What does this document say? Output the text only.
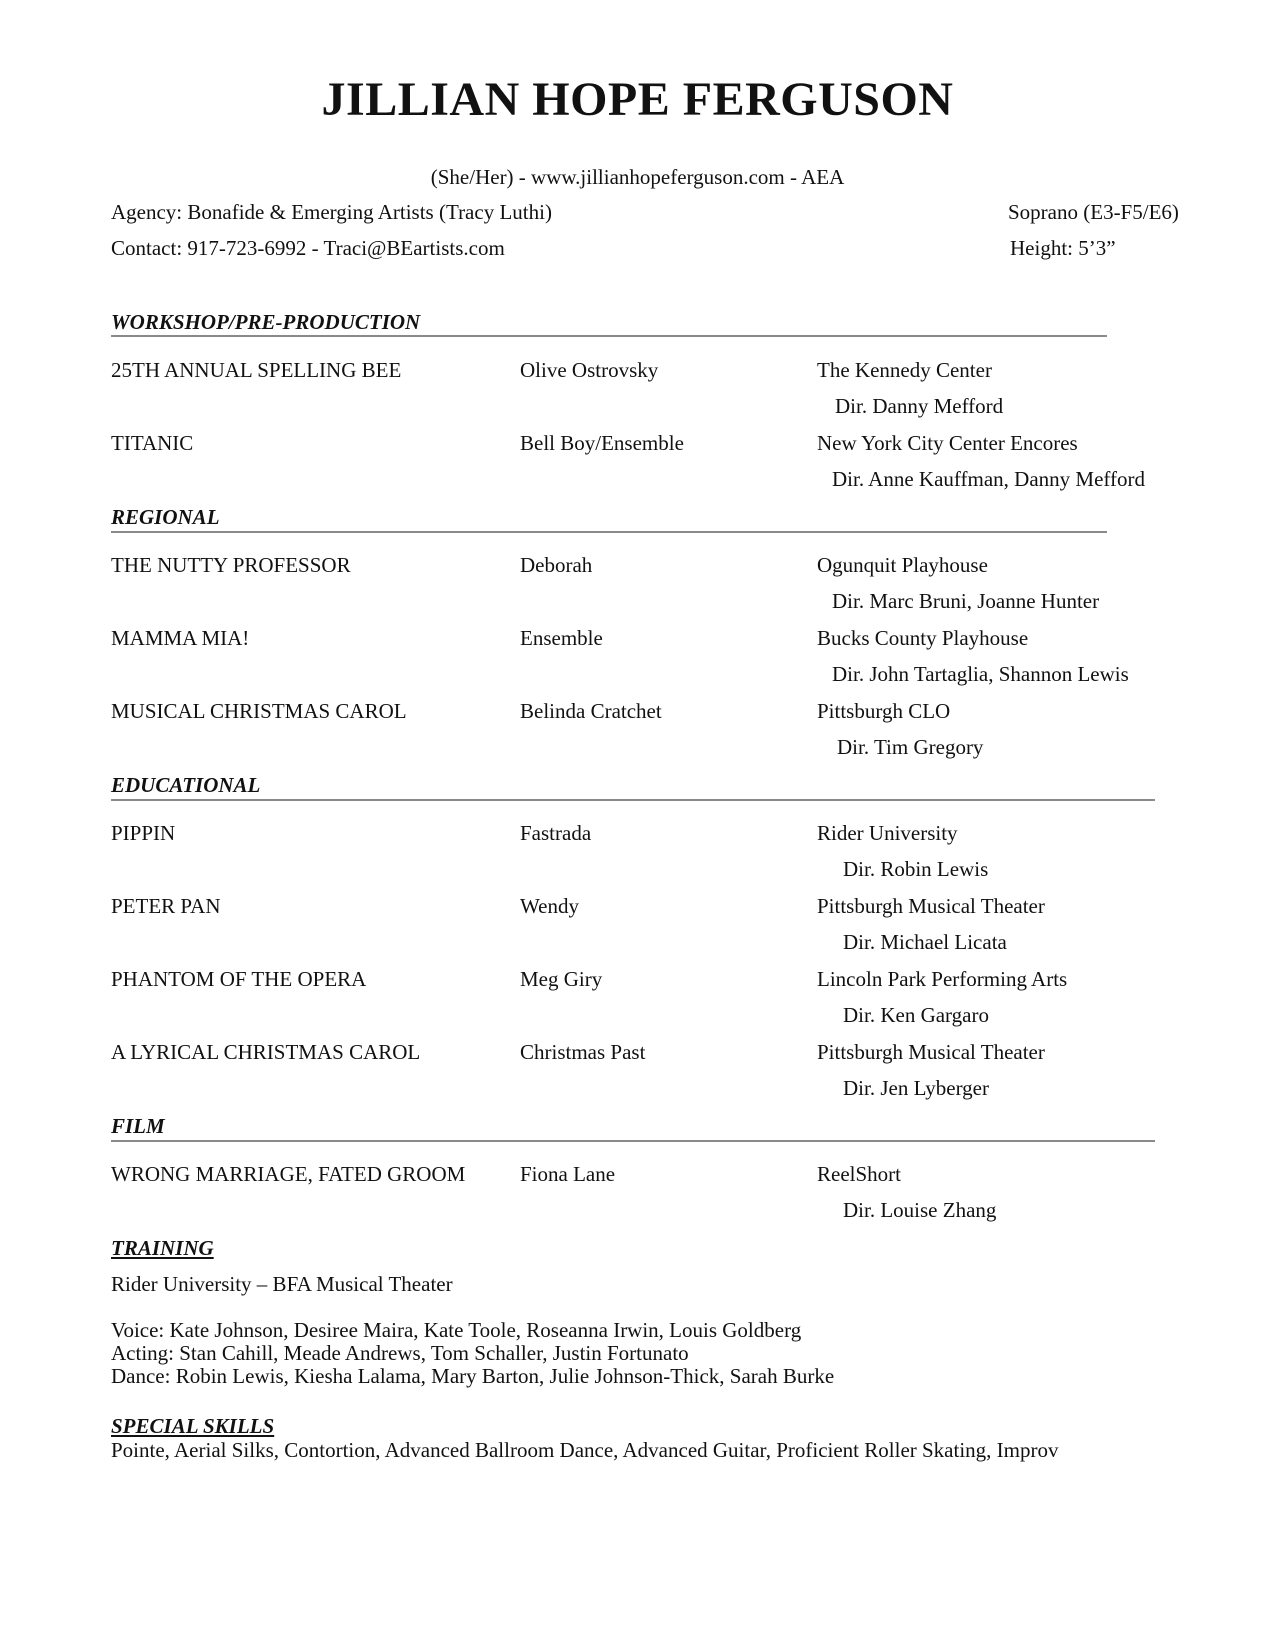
JILLIAN HOPE FERGUSON
(She/Her) - www.jillianhopeferguson.com - AEA
Agency: Bonafide & Emerging Artists (Tracy Luthi)	Soprano (E3-F5/E6)
Contact: 917-723-6992 - Traci@BEartists.com	Height: 5’3”
WORKSHOP/PRE-PRODUCTION
25TH ANNUAL SPELLING BEE	Olive Ostrovsky	The Kennedy Center
Dir. Danny Mefford
TITANIC	Bell Boy/Ensemble	New York City Center Encores
Dir. Anne Kauffman, Danny Mefford
REGIONAL
THE NUTTY PROFESSOR	Deborah	Ogunquit Playhouse
Dir. Marc Bruni, Joanne Hunter
MAMMA MIA!	Ensemble	Bucks County Playhouse
Dir. John Tartaglia, Shannon Lewis
MUSICAL CHRISTMAS CAROL	Belinda Cratchet	Pittsburgh CLO
Dir. Tim Gregory
EDUCATIONAL
PIPPIN	Fastrada	Rider University
Dir. Robin Lewis
PETER PAN	Wendy	Pittsburgh Musical Theater
Dir. Michael Licata
PHANTOM OF THE OPERA	Meg Giry	Lincoln Park Performing Arts
Dir. Ken Gargaro
A LYRICAL CHRISTMAS CAROL	Christmas Past	Pittsburgh Musical Theater
Dir. Jen Lyberger
FILM
WRONG MARRIAGE, FATED GROOM	Fiona Lane	ReelShort
Dir. Louise Zhang
TRAINING
Rider University – BFA Musical Theater
Voice: Kate Johnson, Desiree Maira, Kate Toole, Roseanna Irwin, Louis Goldberg
Acting: Stan Cahill, Meade Andrews, Tom Schaller, Justin Fortunato
Dance: Robin Lewis, Kiesha Lalama, Mary Barton, Julie Johnson-Thick, Sarah Burke
SPECIAL SKILLS
Pointe, Aerial Silks, Contortion, Advanced Ballroom Dance, Advanced Guitar, Proficient Roller Skating, Improv
